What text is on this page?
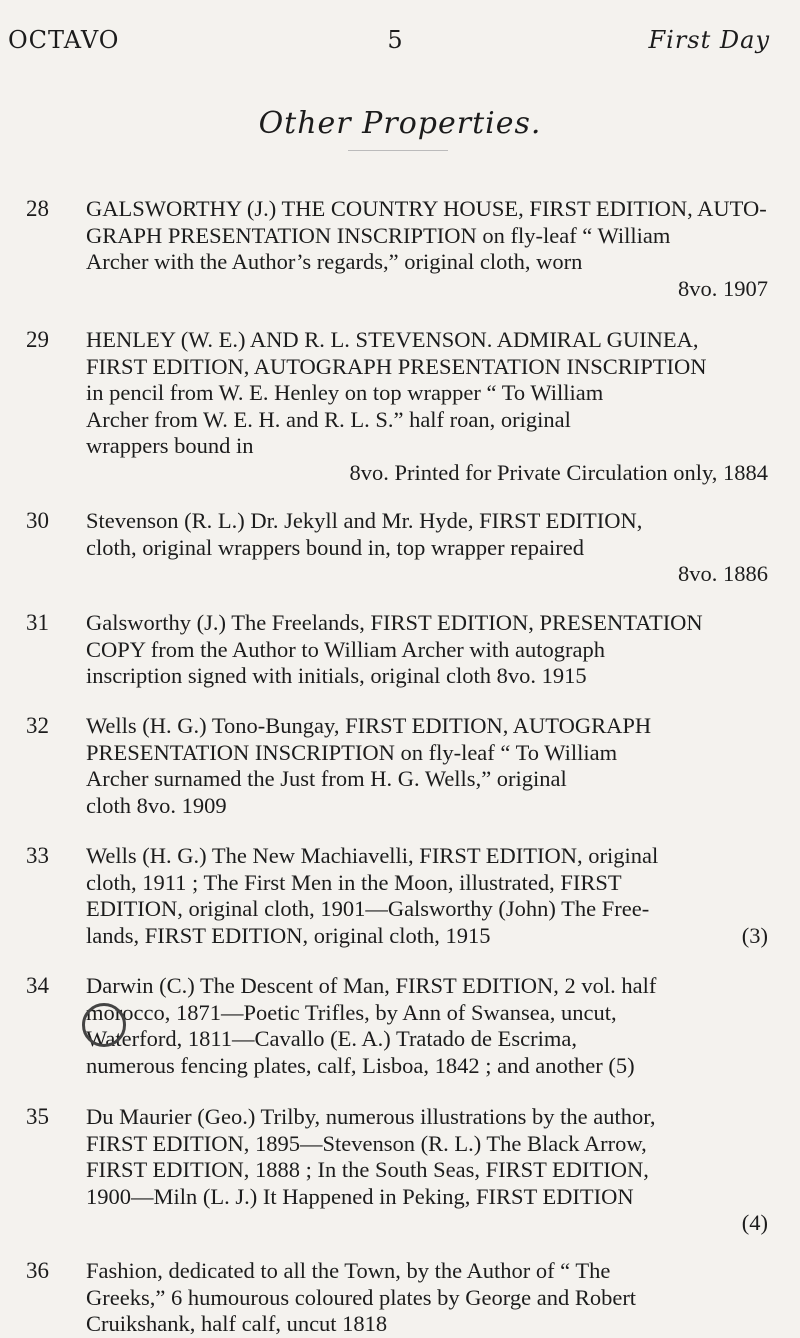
OCTAVO	5	First Day
Other Properties.
28	GALSWORTHY (J.) THE COUNTRY HOUSE, FIRST EDITION, AUTO-
GRAPH PRESENTATION INSCRIPTION on fly-leaf “ William
Archer with the Author’s regards,” original cloth, worn
8vo. 1907
29	HENLEY (W. E.) AND R. L. STEVENSON. ADMIRAL GUINEA,
FIRST EDITION, AUTOGRAPH PRESENTATION INSCRIPTION
in pencil from W. E. Henley on top wrapper “ To William
Archer from W. E. H. and R. L. S.” half roan, original
wrappers bound in
8vo. Printed for Private Circulation only, 1884
30	Stevenson (R. L.) Dr. Jekyll and Mr. Hyde, FIRST EDITION,
cloth, original wrappers bound in, top wrapper repaired
8vo. 1886
31	Galsworthy (J.) The Freelands, FIRST EDITION, PRESENTATION
COPY from the Author to William Archer with autograph
inscription signed with initials, original cloth 8vo. 1915
32	Wells (H. G.) Tono-Bungay, FIRST EDITION, AUTOGRAPH
PRESENTATION INSCRIPTION on fly-leaf “ To William
Archer surnamed the Just from H. G. Wells,” original
cloth 8vo. 1909
33	Wells (H. G.) The New Machiavelli, FIRST EDITION, original
cloth, 1911 ; The First Men in the Moon, illustrated, FIRST
EDITION, original cloth, 1901—Galsworthy (John) The Free-
lands, FIRST EDITION, original cloth, 1915	(3)
34	Darwin (C.) The Descent of Man, FIRST EDITION, 2 vol. half
morocco, 1871—Poetic Trifles, by Ann of Swansea, uncut,
Waterford, 1811—Cavallo (E. A.) Tratado de Escrima,
numerous fencing plates, calf, Lisboa, 1842 ; and another (5)
35	Du Maurier (Geo.) Trilby, numerous illustrations by the author,
FIRST EDITION, 1895—Stevenson (R. L.) The Black Arrow,
FIRST EDITION, 1888 ; In the South Seas, FIRST EDITION,
1900—Miln (L. J.) It Happened in Peking, FIRST EDITION
(4)
36	Fashion, dedicated to all the Town, by the Author of “ The
Greeks,” 6 humourous coloured plates by George and Robert
Cruikshank, half calf, uncut 1818
